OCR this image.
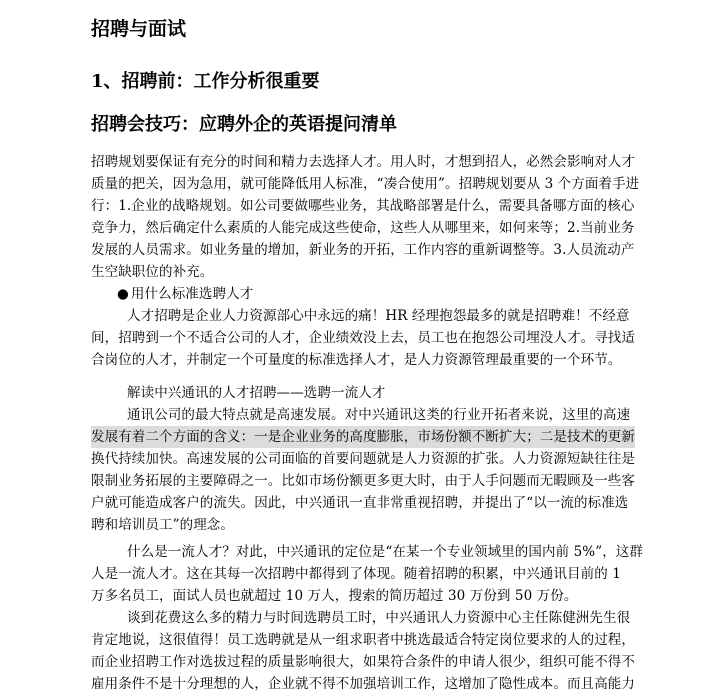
招聘与面试
1、招聘前：工作分析很重要
招聘会技巧：应聘外企的英语提问清单
招聘规划要保证有充分的时间和精力去选择人才。用人时，才想到招人，必然会影响对人才
质量的把关，因为急用，就可能降低用人标准，“凑合使用”。招聘规划要从 3 个方面着手进
行：1.企业的战略规划。如公司要做哪些业务，其战略部署是什么，需要具备哪方面的核心
竞争力，然后确定什么素质的人能完成这些使命，这些人从哪里来，如何来等；2.当前业务
发展的人员需求。如业务量的增加，新业务的开拓，工作内容的重新调整等。3.人员流动产
生空缺职位的补充。
● 用什么标准选聘人才
人才招聘是企业人力资源部心中永远的痛！HR 经理抱怨最多的就是招聘难！不经意
间，招聘到一个不适合公司的人才，企业绩效没上去，员工也在抱怨公司埋没人才。寻找适
合岗位的人才，并制定一个可量度的标准选择人才，是人力资源管理最重要的一个环节。
解读中兴通讯的人才招聘——选聘一流人才
通讯公司的最大特点就是高速发展。对中兴通讯这类的行业开拓者来说，这里的高速
发展有着二个方面的含义：一是企业业务的高度膨胀，市场份额不断扩大；二是技术的更新
换代持续加快。高速发展的公司面临的首要问题就是人力资源的扩张。人力资源短缺往往是
限制业务拓展的主要障碍之一。比如市场份额更多更大时，由于人手问题而无暇顾及一些客
户就可能造成客户的流失。因此，中兴通讯一直非常重视招聘，并提出了“以一流的标准选
聘和培训员工”的理念。
什么是一流人才？对此，中兴通讯的定位是“在某一个专业领域里的国内前 5%”，这群
人是一流人才。这在其每一次招聘中都得到了体现。随着招聘的积累，中兴通讯目前的 1
万多名员工，面试人员也就超过 10 万人，搜索的简历超过 30 万份到 50 万份。
谈到花费这么多的精力与时间选聘员工时，中兴通讯人力资源中心主任陈健洲先生很
肯定地说，这很值得！员工选聘就是从一组求职者中挑选最适合特定岗位要求的人的过程，
而企业招聘工作对选拔过程的质量影响很大，如果符合条件的申请人很少，组织可能不得不
雇用条件不是十分理想的人，企业就不得不加强培训工作，这增加了隐性成本。而且高能力
